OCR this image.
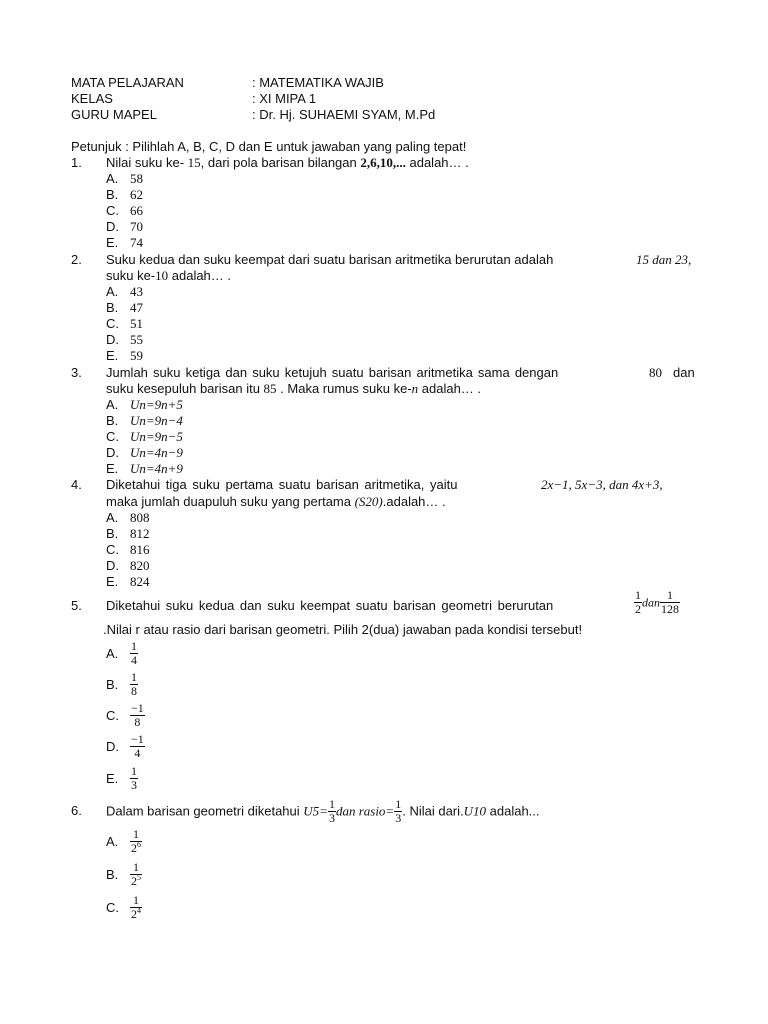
MATA PELAJARAN	: MATEMATIKA WAJIB
KELAS	: XI MIPA 1
GURU MAPEL	: Dr. Hj. SUHAEMI SYAM, M.Pd
Petunjuk : Pilihlah A, B, C, D dan E untuk jawaban yang paling tepat!
1. Nilai suku ke- 15, dari pola barisan bilangan 2,6,10,... adalah… .
A. 58
B. 62
C. 66
D. 70
E. 74
2. Suku kedua dan suku keempat dari suatu barisan aritmetika berurutan adalah	15 dan 23,
suku ke-10 adalah… .
A. 43
B. 47
C. 51
D. 55
E. 59
3. Jumlah suku ketiga dan suku ketujuh suatu barisan aritmetika sama dengan	80 dan
suku kesepuluh barisan itu 85 . Maka rumus suku ke-n adalah… .
A. Un=9n+5
B. Un=9n−4
C. Un=9n−5
D. Un=4n−9
E. Un=4n+9
4. Diketahui tiga suku pertama suatu barisan aritmetika, yaitu	2x−1, 5x−3, dan 4x+3,
maka jumlah duapuluh suku yang pertama (S20).adalah… .
A. 808
B. 812
C. 816
D. 820
E. 824
5. Diketahui suku kedua dan suku keempat suatu barisan geometri berurutan	$\frac{1}{2}$ dan $\frac{1}{128}$
.Nilai r atau rasio dari barisan geometri. Pilih 2(dua) jawaban pada kondisi tersebut!
A. $\frac{1}{4}$
B. $\frac{1}{8}$
C. $\frac{-1}{8}$
D. $\frac{-1}{4}$
E. $\frac{1}{3}$
6. Dalam barisan geometri diketahui $U5= \frac{1}{3}$ dan rasio= $\frac{1}{3}$ . Nilai dari.U10 adalah...
A. $\frac{1}{2^6}$
B. $\frac{1}{2^5}$
C. $\frac{1}{2^4}$
